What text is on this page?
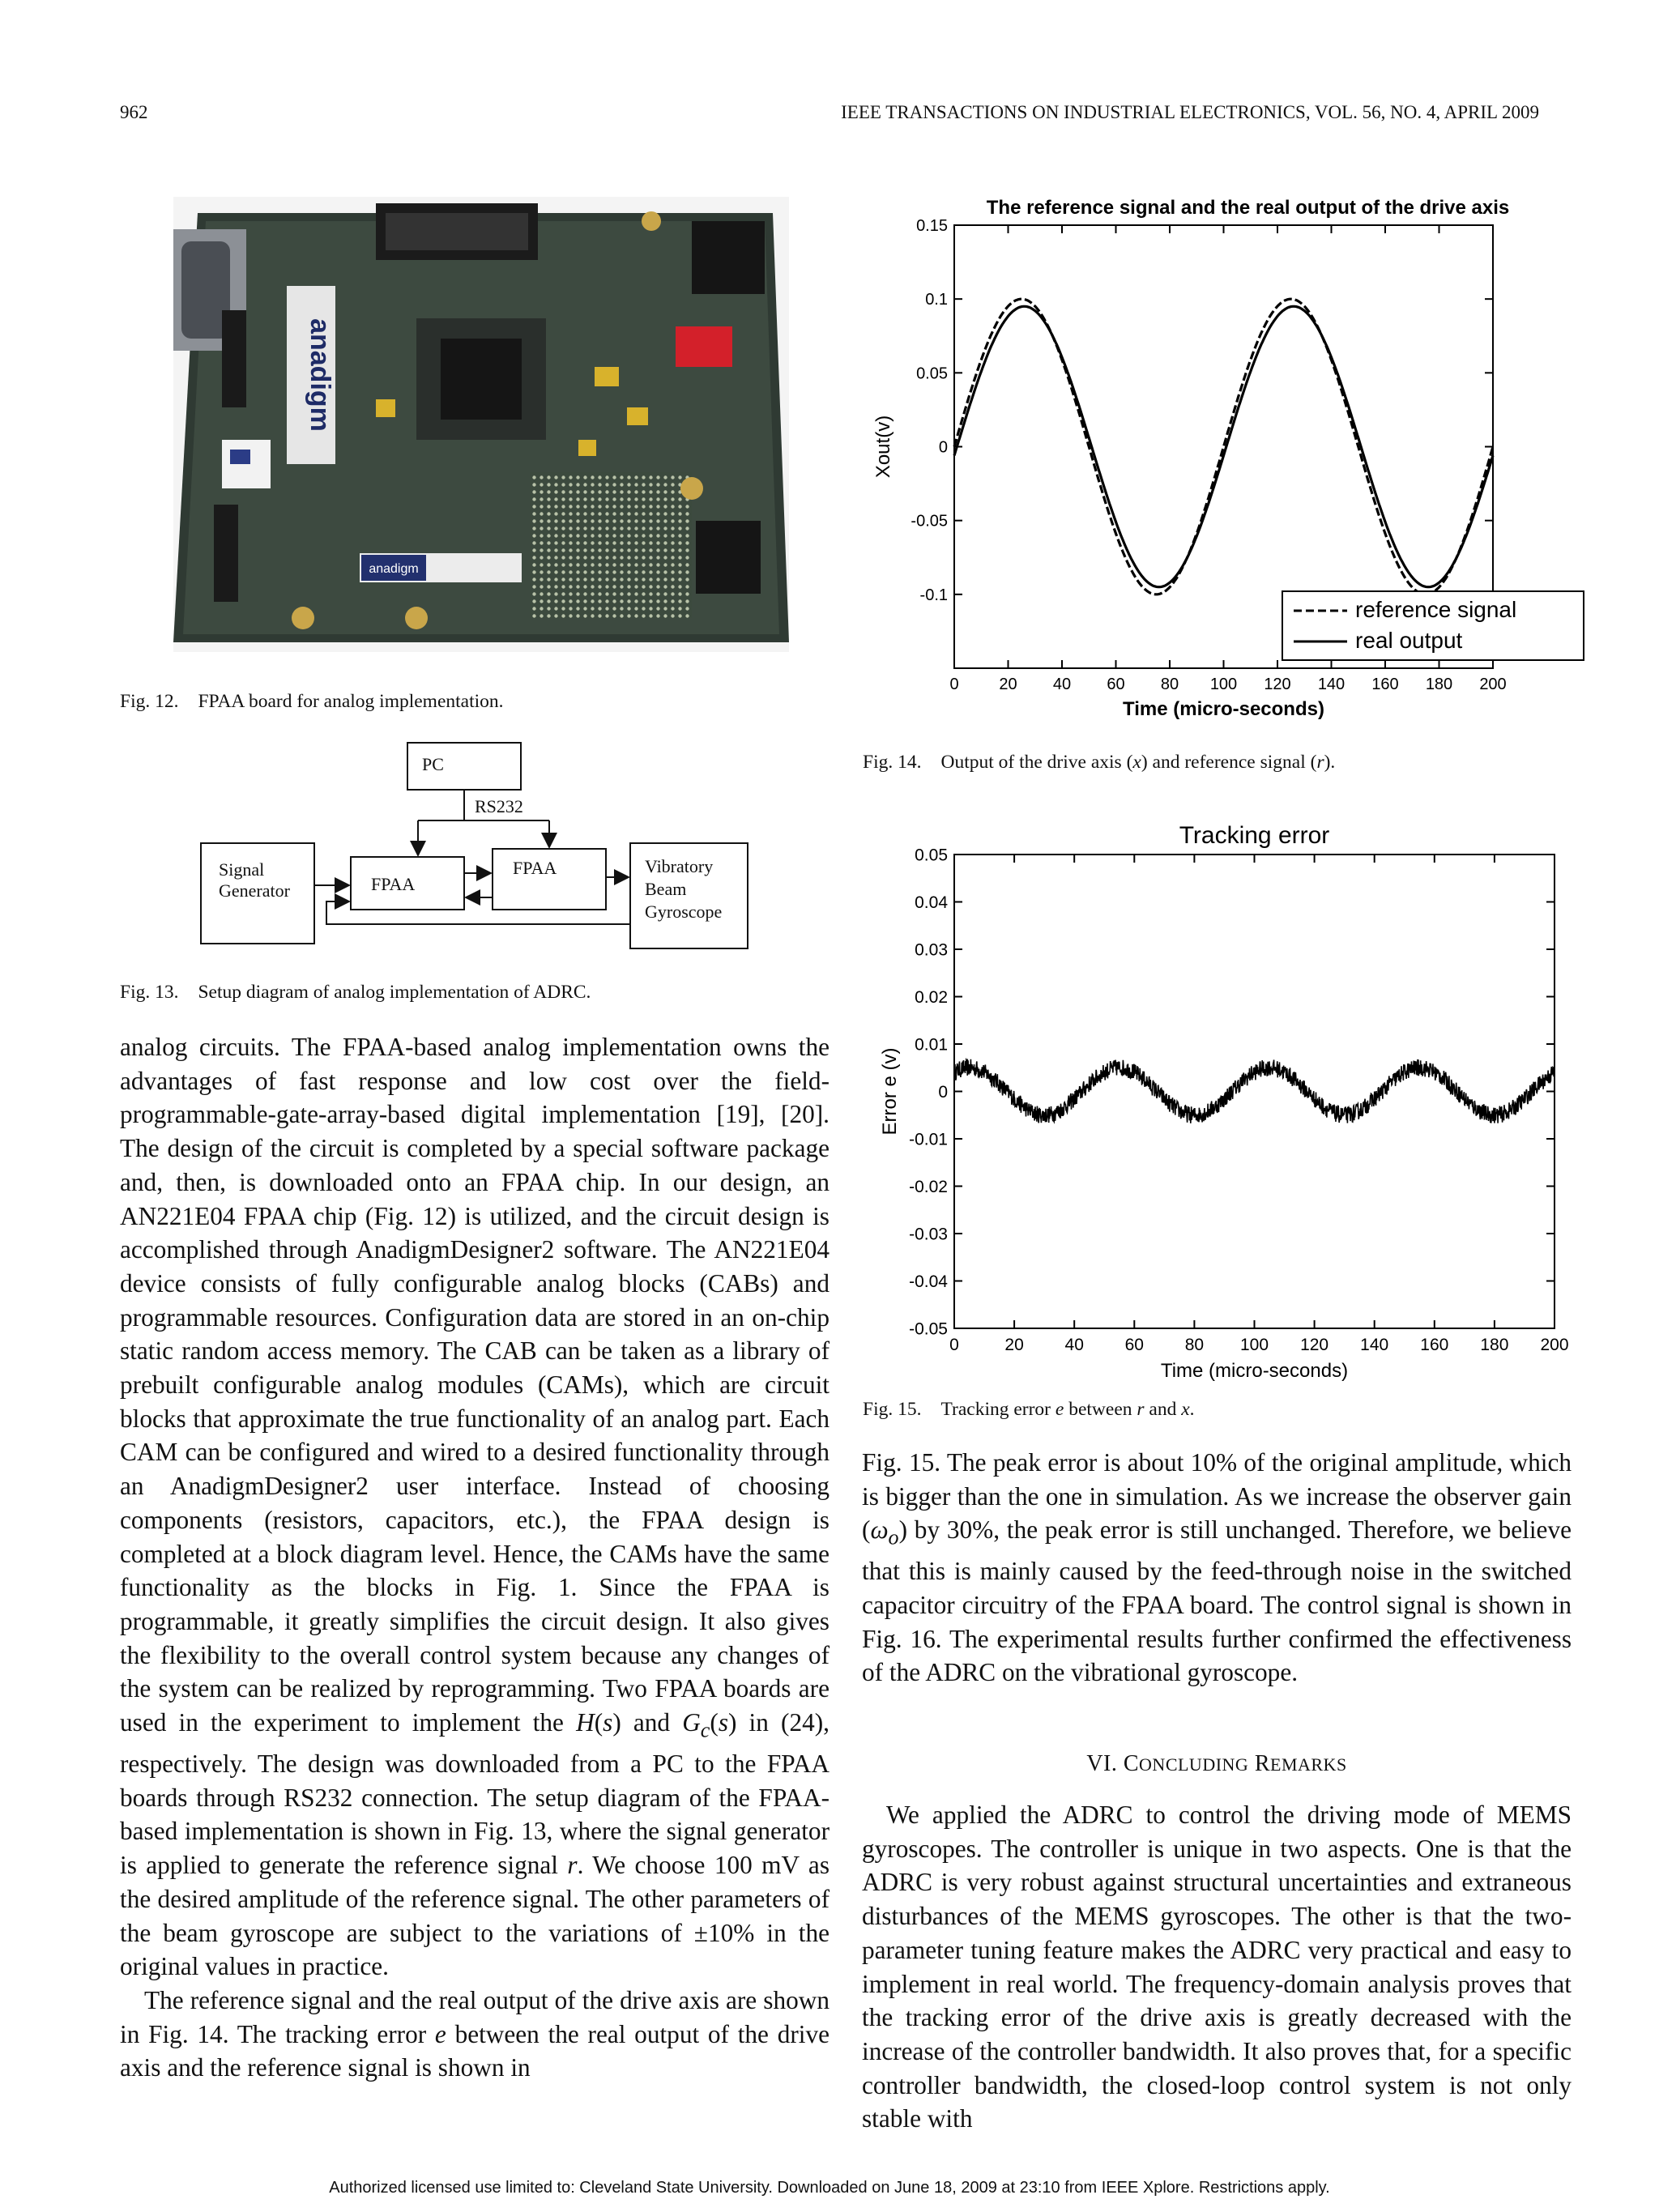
962	IEEE TRANSACTIONS ON INDUSTRIAL ELECTRONICS, VOL. 56, NO. 4, APRIL 2009
anadigm
anadigm
Fig. 12. FPAA board for analog implementation.
PC
RS232
Signal
Generator	FPAA
FPAA	Vibratory
Beam
Gyroscope
Fig. 13. Setup diagram of analog implementation of ADRC.

analog circuits. The FPAA-based analog implementation owns the advantages of fast response and low cost over the field-programmable-gate-array-based digital implementation [19], [20]. The design of the circuit is completed by a special software package and, then, is downloaded onto an FPAA chip. In our design, an AN221E04 FPAA chip (Fig. 12) is utilized, and the circuit design is accomplished through AnadigmDesigner2 software. The AN221E04 device consists of fully configurable analog blocks (CABs) and programmable resources. Configuration data are stored in an on-chip static random access memory. The CAB can be taken as a library of prebuilt configurable analog modules (CAMs), which are circuit blocks that approximate the true functionality of an analog part. Each CAM can be configured and wired to a desired functionality through an AnadigmDesigner2 user interface. Instead of choosing components (resistors, capacitors, etc.), the FPAA design is completed at a block diagram level. Hence, the CAMs have the same functionality as the blocks in Fig. 1. Since the FPAA is programmable, it greatly simplifies the circuit design. It also gives the flexibility to the overall control system because any changes of the system can be realized by reprogramming. Two FPAA boards are used in the experiment to implement the H(s) and $G_c(s)$ in (24), respectively. The design was downloaded from a PC to the FPAA boards through RS232 connection. The setup diagram of the FPAA-based implementation is shown in Fig. 13, where the signal generator is applied to generate the reference signal r. We choose 100 mV as the desired amplitude of the reference signal. The other parameters of the beam gyroscope are subject to the variations of ±10% in the original values in practice.

The reference signal and the real output of the drive axis are shown in Fig. 14. The tracking error e between the real output of the drive axis and the reference signal is shown in

The reference signal and the real output of the drive axis
0 20 40 60 80 100 120 140 160 180 200
0.15
0.1
0.05
0
-0.05
-0.1
Time (micro-seconds)
Xout(v)
reference signal
real output
Fig. 14. Output of the drive axis (x) and reference signal (r).
Tracking error
0	20 40 60 80 100 120 140 160 180 200
0.05
0.04
0.03
0.02
0.01
0
-0.01
-0.02
-0.03
-0.04
-0.05
Time (micro-seconds)
Error e (v)
Fig. 15. Tracking error e between r and x.

Fig. 15. The peak error is about 10% of the original amplitude, which is bigger than the one in simulation. As we increase the observer gain $(\omega_o)$ by 30%, the peak error is still unchanged. Therefore, we believe that this is mainly caused by the feed-through noise in the switched capacitor circuitry of the FPAA board. The control signal is shown in Fig. 16. The experimental results further confirmed the effectiveness of the ADRC on the vibrational gyroscope.

VI. CONCLUDING REMARKS

We applied the ADRC to control the driving mode of MEMS gyroscopes. The controller is unique in two aspects. One is that the ADRC is very robust against structural uncertainties and extraneous disturbances of the MEMS gyroscopes. The other is that the two-parameter tuning feature makes the ADRC very practical and easy to implement in real world. The frequency-domain analysis proves that the tracking error of the drive axis is greatly decreased with the increase of the controller bandwidth. It also proves that, for a specific controller bandwidth, the closed-loop control system is not only stable with

Authorized licensed use limited to: Cleveland State University. Downloaded on June 18, 2009 at 23:10 from IEEE Xplore. Restrictions apply.
